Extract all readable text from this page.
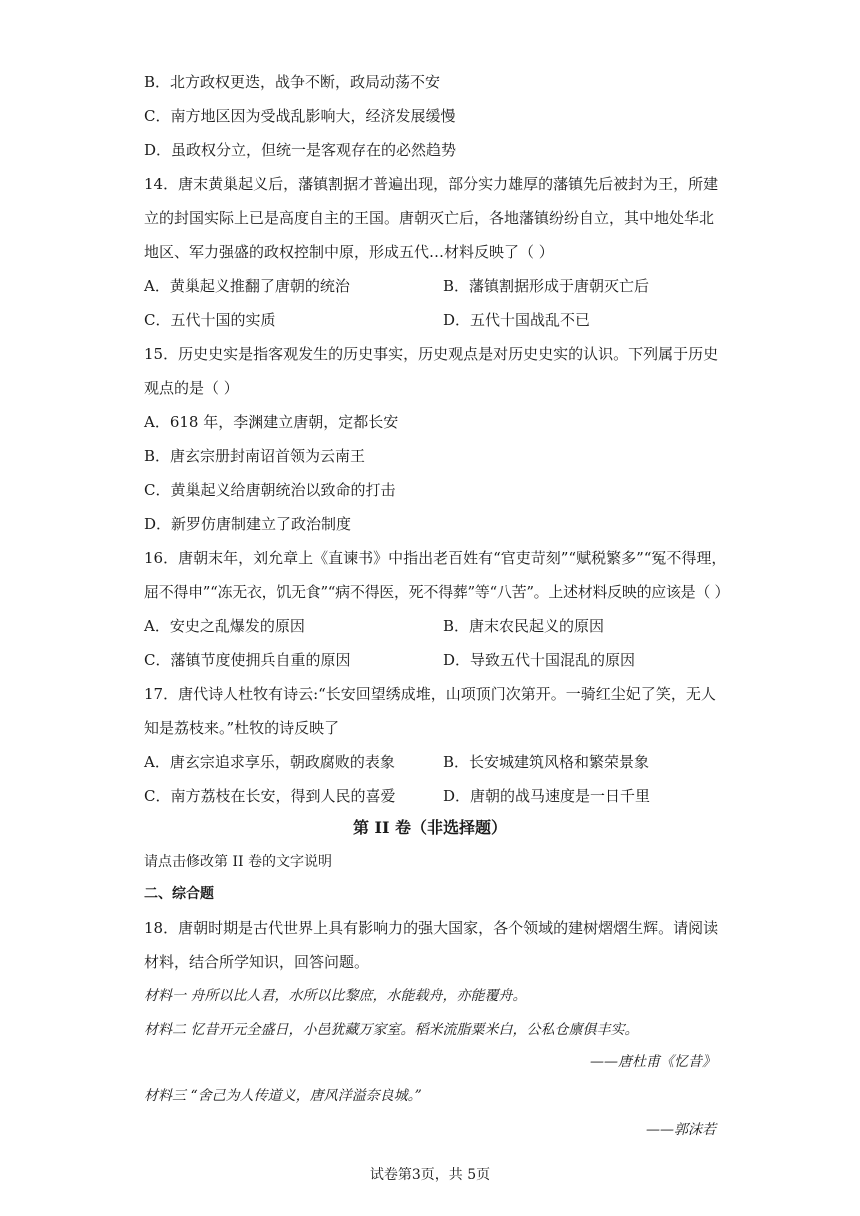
B．北方政权更迭，战争不断，政局动荡不安
C．南方地区因为受战乱影响大，经济发展缓慢
D．虽政权分立，但统一是客观存在的必然趋势
14．唐末黄巢起义后，藩镇割据才普遍出现，部分实力雄厚的藩镇先后被封为王，所建
立的封国实际上已是高度自主的王国。唐朝灭亡后，各地藩镇纷纷自立，其中地处华北
地区、军力强盛的政权控制中原，形成五代…材料反映了（ ）
A．黄巢起义推翻了唐朝的统治	B．藩镇割据形成于唐朝灭亡后
C．五代十国的实质	D．五代十国战乱不已
15．历史史实是指客观发生的历史事实，历史观点是对历史史实的认识。下列属于历史
观点的是（ ）
A．618 年，李渊建立唐朝，定都长安
B．唐玄宗册封南诏首领为云南王
C．黄巢起义给唐朝统治以致命的打击
D．新罗仿唐制建立了政治制度
16．唐朝末年，刘允章上《直谏书》中指出老百姓有“官吏苛刻”“赋税繁多”“冤不得理，
屈不得申”“冻无衣，饥无食”“病不得医，死不得葬”等“八苦”。上述材料反映的应该是（ ）
A．安史之乱爆发的原因	B．唐末农民起义的原因
C．藩镇节度使拥兵自重的原因	D．导致五代十国混乱的原因
17．唐代诗人杜牧有诗云:“长安回望绣成堆，山项顶门次第开。一骑红尘妃了笑，无人
知是荔枝来。”杜牧的诗反映了
A．唐玄宗追求享乐，朝政腐败的表象	B．长安城建筑风格和繁荣景象
C．南方荔枝在长安，得到人民的喜爱	D．唐朝的战马速度是一日千里
第 II 卷（非选择题）
请点击修改第 II 卷的文字说明
二、综合题
18．唐朝时期是古代世界上具有影响力的强大国家，各个领域的建树熠熠生辉。请阅读
材料，结合所学知识，回答问题。
材料一 舟所以比人君，水所以比黎庶，水能载舟，亦能覆舟。
材料二 忆昔开元全盛日，小邑犹藏万家室。稻米流脂粟米白，公私仓廪俱丰实。
——唐杜甫《忆昔》
材料三 “舍己为人传道义，唐风洋溢奈良城。”
——郭沫若
试卷第3页，共 5页
